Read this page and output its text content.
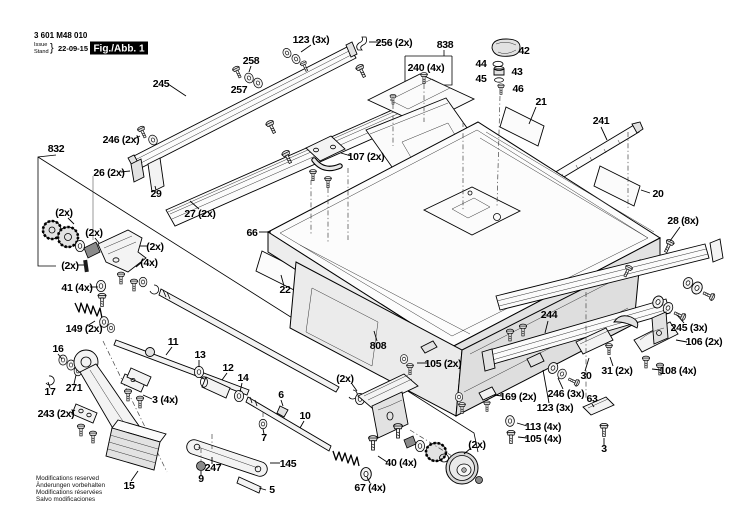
3 601 M48 010
Issue
Stand } 22-09-15 Fig./Abb. 1
Modifications reserved
Änderungen vorbehalten
Modifications réservées
Salvo modificaciones
245
258
257
123 (3x)	256 (2x) 838
240 (4x)
42
44
43
45
46
21
241
246 (2x)
26 (2x)
29
27 (2x)
107 (2x)
20
28 (8x)
832
(2x)
(2x)
(2x)
(4x)
(2x)
41 (4x)
149 (2x)
66
22
808
105 (2x)
(2x)
244
30 31 (2x)
245 (3x)
106 (2x)
108 (4x)
169 (2x) 246 (3x)
123 (3x)
63
113 (4x)
105 (4x)
3
(2x)
16
11
13
12
14
271
17
3 (4x)
243 (2x)
6
10
7
247
9
145
5
15
40 (4x)
67 (4x)
